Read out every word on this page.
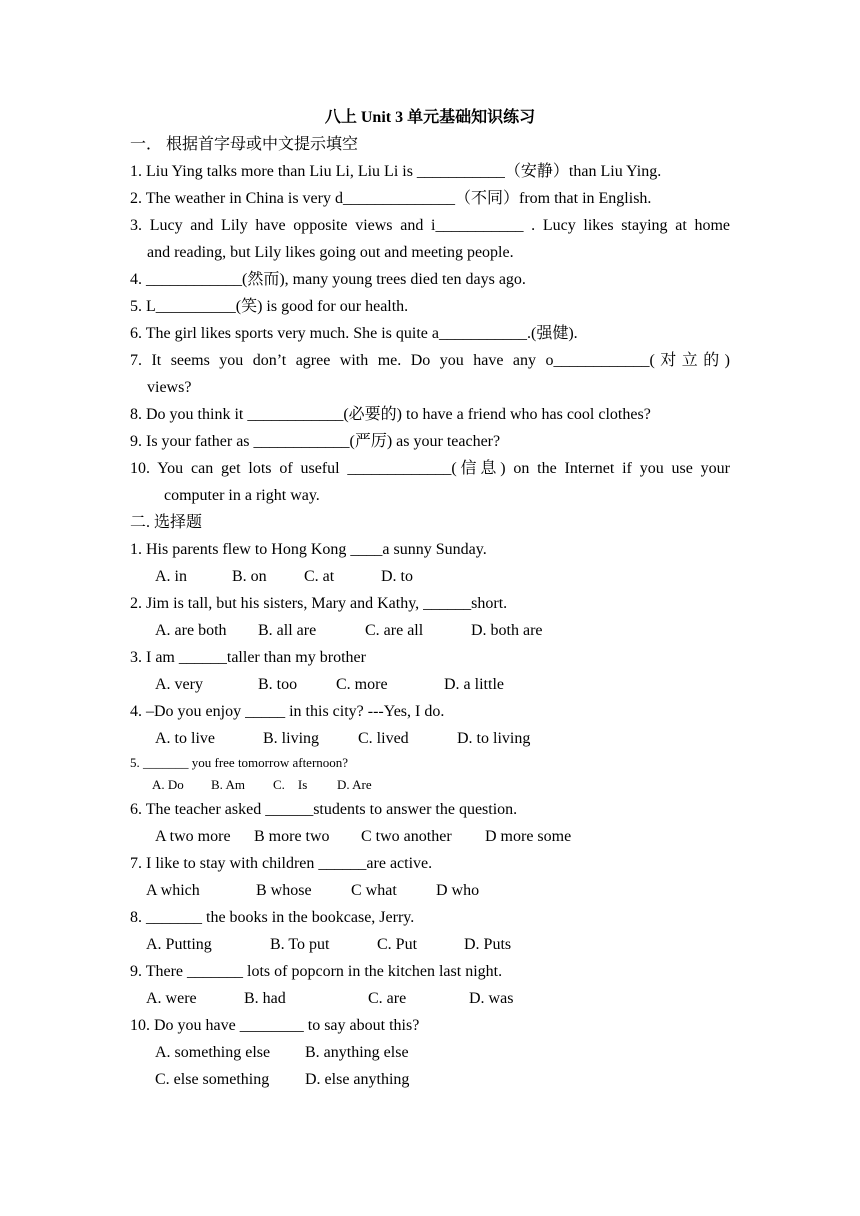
八上 Unit 3 单元基础知识练习
一． 根据首字母或中文提示填空
1. Liu Ying talks more than Liu Li, Liu Li is ___________（安静）than Liu Ying.
2. The weather in China is very d______________（不同）from that in English.
3. Lucy and Lily have opposite views and i___________ . Lucy likes staying at home
and reading, but Lily likes going out and meeting people.
4. ____________(然而), many young trees died ten days ago.
5. L__________(笑) is good for our health.
6. The girl likes sports very much. She is quite a___________.(强健).
7. It seems you don’t agree with me. Do you have any o____________(对立的)
views?
8. Do you think it ____________(必要的) to have a friend who has cool clothes?
9. Is your father as ____________(严厉) as your teacher?
10. You can get lots of useful _____________(信息) on the Internet if you use your
computer in a right way.
二. 选择题
1. His parents flew to Hong Kong ____a sunny Sunday.
A. in	B. on C. at	D. to
2. Jim is tall, but his sisters, Mary and Kathy, ______short.
A. are both B. all are	C. are all	D. both are
3. I am ______taller than my brother
A. very	B. too C. more	D. a little
4. –Do you enjoy _____ in this city? ---Yes, I do.
A. to live	B. living C. lived	D. to living
5. _______ you free tomorrow afternoon?
A. Do B. Am C.    Is D. Are
6. The teacher asked ______students to answer the question.
A two more B more two C two another D more some
7. I like to stay with children ______are active.
A which	B whose C what D who
8. _______ the books in the bookcase, Jerry.
A. Putting	B. To put	C. Put	D. Puts
9. There _______ lots of popcorn in the kitchen last night.
A. were	B. had	C. are	D. was
10. Do you have ________ to say about this?
A. something else B. anything else
C. else something D. else anything
